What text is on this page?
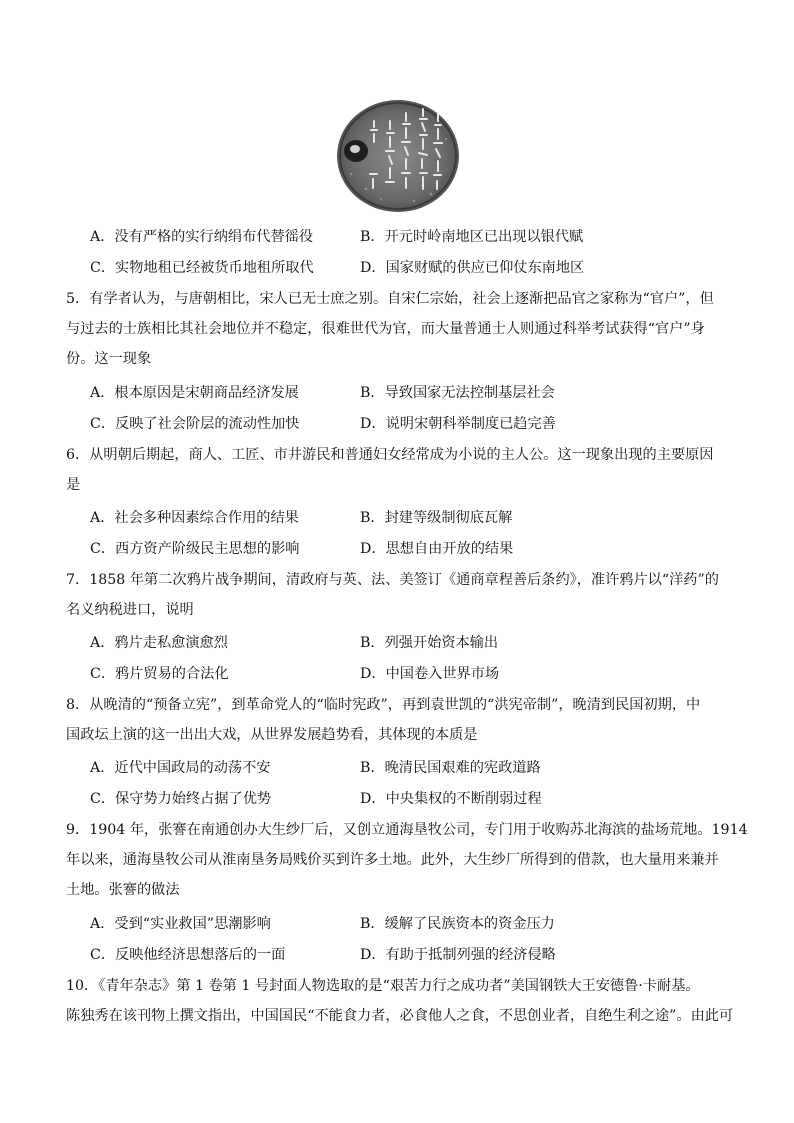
A．没有严格的实行纳绢布代替徭役	B．开元时岭南地区已出现以银代赋
C．实物地租已经被货币地租所取代	D．国家财赋的供应已仰仗东南地区
5．有学者认为，与唐朝相比，宋人已无士庶之别。自宋仁宗始，社会上逐渐把品官之家称为“官户”，但
与过去的士族相比其社会地位并不稳定，很难世代为官，而大量普通士人则通过科举考试获得“官户”身
份。这一现象
A．根本原因是宋朝商品经济发展	B．导致国家无法控制基层社会
C．反映了社会阶层的流动性加快	D．说明宋朝科举制度已趋完善
6．从明朝后期起，商人、工匠、市井游民和普通妇女经常成为小说的主人公。这一现象出现的主要原因
是
A．社会多种因素综合作用的结果	B．封建等级制彻底瓦解
C．西方资产阶级民主思想的影响	D．思想自由开放的结果
7．1858 年第二次鸦片战争期间，清政府与英、法、美签订《通商章程善后条约》，准许鸦片以“洋药”的
名义纳税进口，说明
A．鸦片走私愈演愈烈	B．列强开始资本输出
C．鸦片贸易的合法化	D．中国卷入世界市场
8．从晚清的“预备立宪”，到革命党人的“临时宪政”，再到袁世凯的“洪宪帝制”，晚清到民国初期，中
国政坛上演的这一出出大戏，从世界发展趋势看，其体现的本质是
A．近代中国政局的动荡不安	B．晚清民国艰难的宪政道路
C．保守势力始终占据了优势	D．中央集权的不断削弱过程
9．1904 年，张謇在南通创办大生纱厂后，又创立通海垦牧公司，专门用于收购苏北海滨的盐场荒地。1914
年以来，通海垦牧公司从淮南垦务局贱价买到许多土地。此外，大生纱厂所得到的借款，也大量用来兼并
土地。张謇的做法
A．受到“实业救国”思潮影响	B．缓解了民族资本的资金压力
C．反映他经济思想落后的一面	D．有助于抵制列强的经济侵略
10．《青年杂志》第 1 卷第 1 号封面人物选取的是“艰苦力行之成功者”美国钢铁大王安德鲁·卡耐基。
陈独秀在该刊物上撰文指出，中国国民“不能食力者，必食他人之食，不思创业者，自绝生利之途”。由此可
